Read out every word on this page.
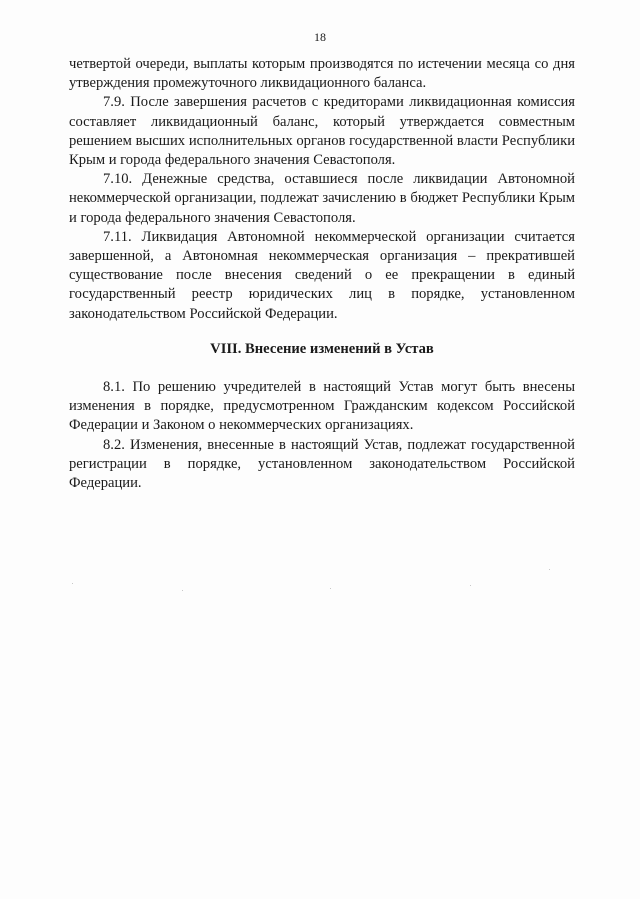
18

четвертой очереди, выплаты которым производятся по истечении месяца со дня утверждения промежуточного ликвидационного баланса.

7.9. После завершения расчетов с кредиторами ликвидационная комиссия составляет ликвидационный баланс, который утверждается совместным решением высших исполнительных органов государственной власти Республики Крым и города федерального значения Севастополя.

7.10. Денежные средства, оставшиеся после ликвидации Автономной некоммерческой организации, подлежат зачислению в бюджет Республики Крым и города федерального значения Севастополя.

7.11. Ликвидация Автономной некоммерческой организации считается завершенной, а Автономная некоммерческая организация – прекратившей существование после внесения сведений о ее прекращении в единый государственный реестр юридических лиц в порядке, установленном законодательством Российской Федерации.

VIII. Внесение изменений в Устав

8.1. По решению учредителей в настоящий Устав могут быть внесены изменения в порядке, предусмотренном Гражданским кодексом Российской Федерации и Законом о некоммерческих организациях.

8.2. Изменения, внесенные в настоящий Устав, подлежат государственной регистрации в порядке, установленном законодательством Российской Федерации.
